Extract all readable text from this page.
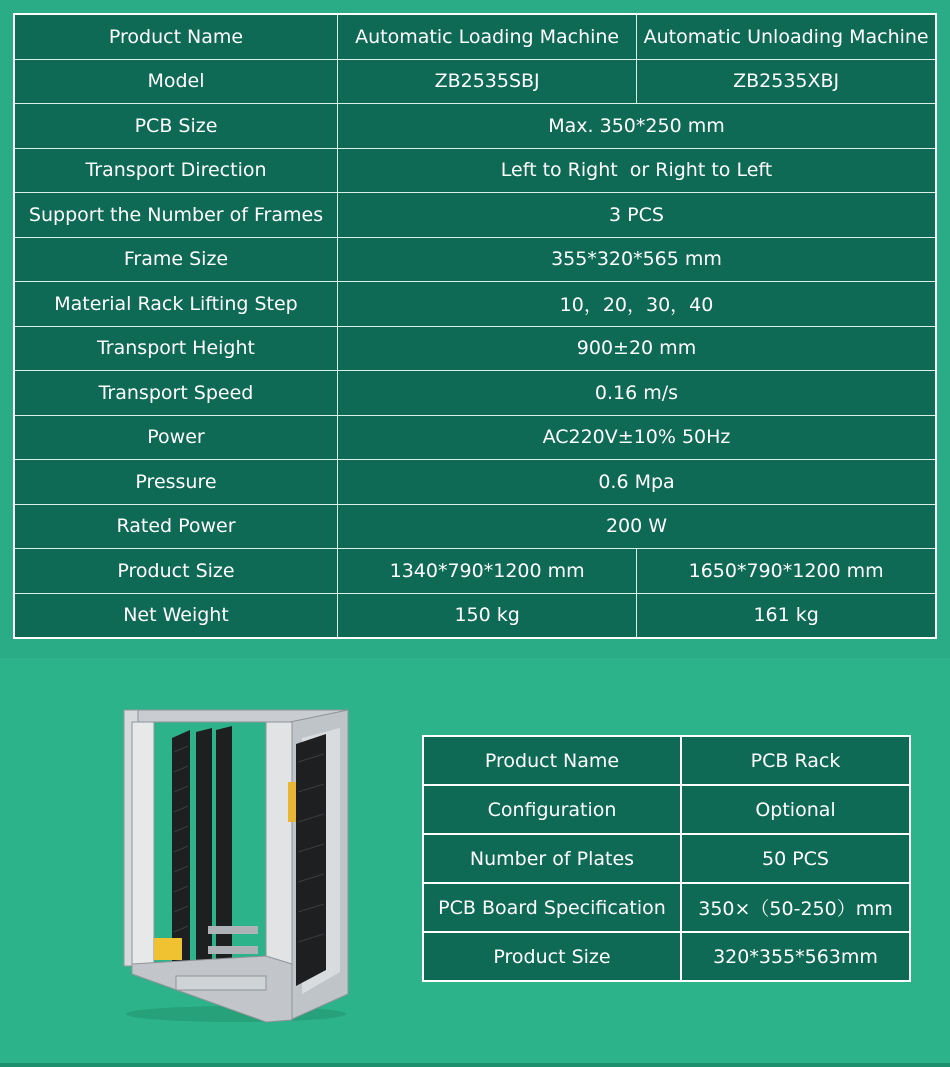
Product Name	Automatic Loading Machine	Automatic Unloading Machine
Model	ZB2535SBJ	ZB2535XBJ
PCB Size	Max. 350*250 mm	
Transport Direction	Left to Right  or Right to Left	
Support the Number of Frames	3 PCS	
Frame Size	355*320*565 mm	
Material Rack Lifting Step	10，20，30，40	
Transport Height	900±20 mm	
Transport Speed	0.16 m/s	
Power	AC220V±10% 50Hz	
Pressure	0.6 Mpa	
Rated Power	200 W	
Product Size	1340*790*1200 mm	1650*790*1200 mm
Net Weight	150 kg	161 kg
Product Name	PCB Rack
Configuration	Optional
Number of Plates	50 PCS
PCB Board Specification	350×（50-250）mm
Product Size	320*355*563mm
